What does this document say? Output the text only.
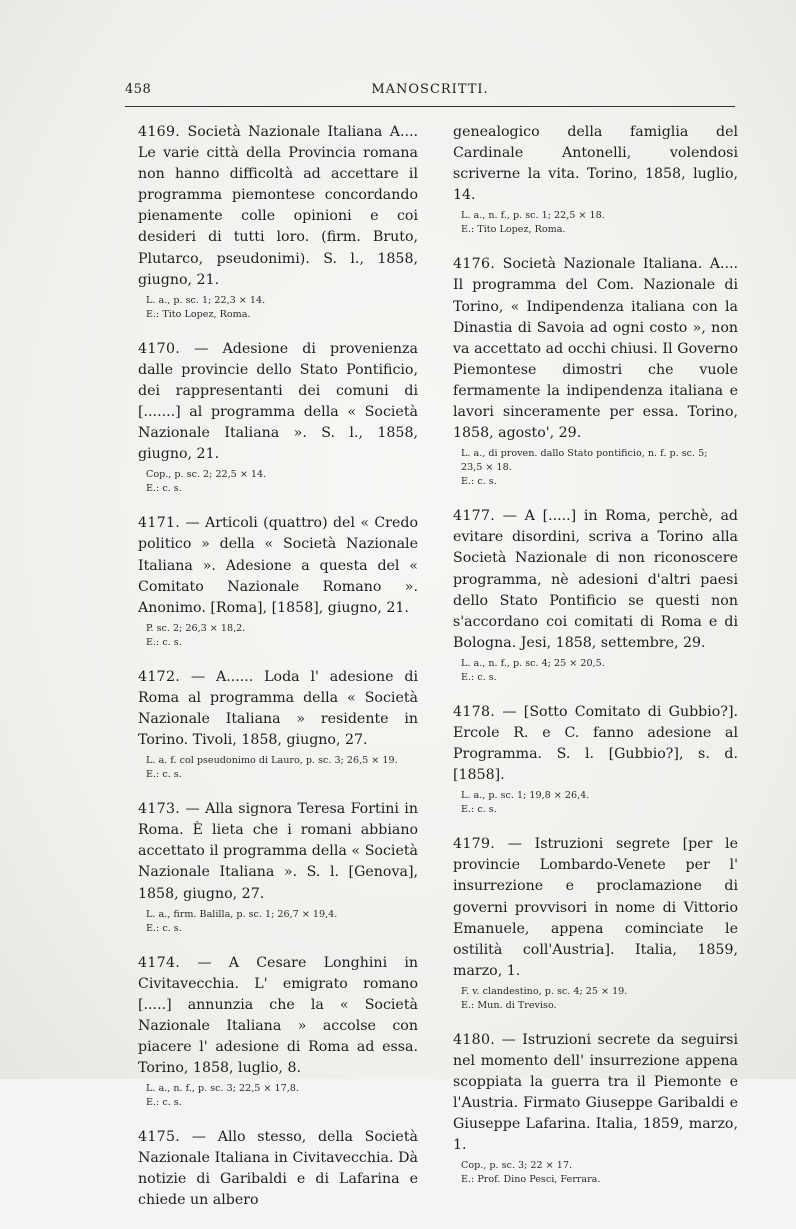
458	MANOSCRITTI.

4169. Società Nazionale Italiana A.... Le varie città della Provincia romana non hanno difficoltà ad accettare il programma piemontese concordando pienamente colle opinioni e coi desideri di tutti loro. (firm. Bruto, Plutarco, pseudonimi). S. l., 1858, giugno, 21.

L. a., p. sc. 1; 22,3 × 14.
E.: Tito Lopez, Roma.

4170. — Adesione di provenienza dalle provincie dello Stato Pontificio, dei rappresentanti dei comuni di [.......] al programma della « Società Nazionale Italiana ». S. l., 1858, giugno, 21.

Cop., p. sc. 2; 22,5 × 14.
E.: c. s.

4171. — Articoli (quattro) del « Credo politico » della « Società Nazionale Italiana ». Adesione a questa del « Comitato Nazionale Romano ». Anonimo. [Roma], [1858], giugno, 21.

P. sc. 2; 26,3 × 18,2.
E.: c. s.

4172. — A...... Loda l' adesione di Roma al programma della « Società Nazionale Italiana » residente in Torino. Tivoli, 1858, giugno, 27.

L. a. f. col pseudonimo di Lauro, p. sc. 3; 26,5 × 19.
E.: c. s.

4173. — Alla signora Teresa Fortini in Roma. È lieta che i romani abbiano accettato il programma della « Società Nazionale Italiana ». S. l. [Genova], 1858, giugno, 27.

L. a., firm. Balilla, p. sc. 1; 26,7 × 19,4.
E.: c. s.

4174. — A Cesare Longhini in Civitavecchia. L' emigrato romano [.....] annunzia che la « Società Nazionale Italiana » accolse con piacere l' adesione di Roma ad essa. Torino, 1858, luglio, 8.

L. a., n. f., p. sc. 3; 22,5 × 17,8.
E.: c. s.

4175. — Allo stesso, della Società Nazionale Italiana in Civitavecchia. Dà notizie di Garibaldi e di Lafarina e chiede un albero

genealogico della famiglia del Cardinale Antonelli, volendosi scriverne la vita. Torino, 1858, luglio, 14.

L. a., n. f., p. sc. 1; 22,5 × 18.
E.: Tito Lopez, Roma.

4176. Società Nazionale Italiana. A.... Il programma del Com. Nazionale di Torino, « Indipendenza italiana con la Dinastia di Savoia ad ogni costo », non va accettato ad occhi chiusi. Il Governo Piemontese dimostri che vuole fermamente la indipendenza italiana e lavori sinceramente per essa. Torino, 1858, agosto', 29.

L. a., di proven. dallo Stato pontificio, n. f. p. sc. 5;
23,5 × 18.
E.: c. s.

4177. — A [.....] in Roma, perchè, ad evitare disordini, scriva a Torino alla Società Nazionale di non riconoscere programma, nè adesioni d'altri paesi dello Stato Pontificio se questi non s'accordano coi comitati di Roma e di Bologna. Jesi, 1858, settembre, 29.

L. a., n. f., p. sc. 4; 25 × 20,5.
E.: c. s.

4178. — [Sotto Comitato di Gubbio?]. Ercole R. e C. fanno adesione al Programma. S. l. [Gubbio?], s. d. [1858].

L. a., p. sc. 1; 19,8 × 26,4.
E.: c. s.

4179. — Istruzioni segrete [per le provincie Lombardo-Venete per l' insurrezione e proclamazione di governi provvisori in nome di Vittorio Emanuele, appena cominciate le ostilità coll'Austria]. Italia, 1859, marzo, 1.

F. v. clandestino, p. sc. 4; 25 × 19.
E.: Mun. di Treviso.

4180. — Istruzioni secrete da seguirsi nel momento dell' insurrezione appena scoppiata la guerra tra il Piemonte e l'Austria. Firmato Giuseppe Garibaldi e Giuseppe Lafarina. Italia, 1859, marzo, 1.

Cop., p. sc. 3; 22 × 17.
E.: Prof. Dino Pesci, Ferrara.
